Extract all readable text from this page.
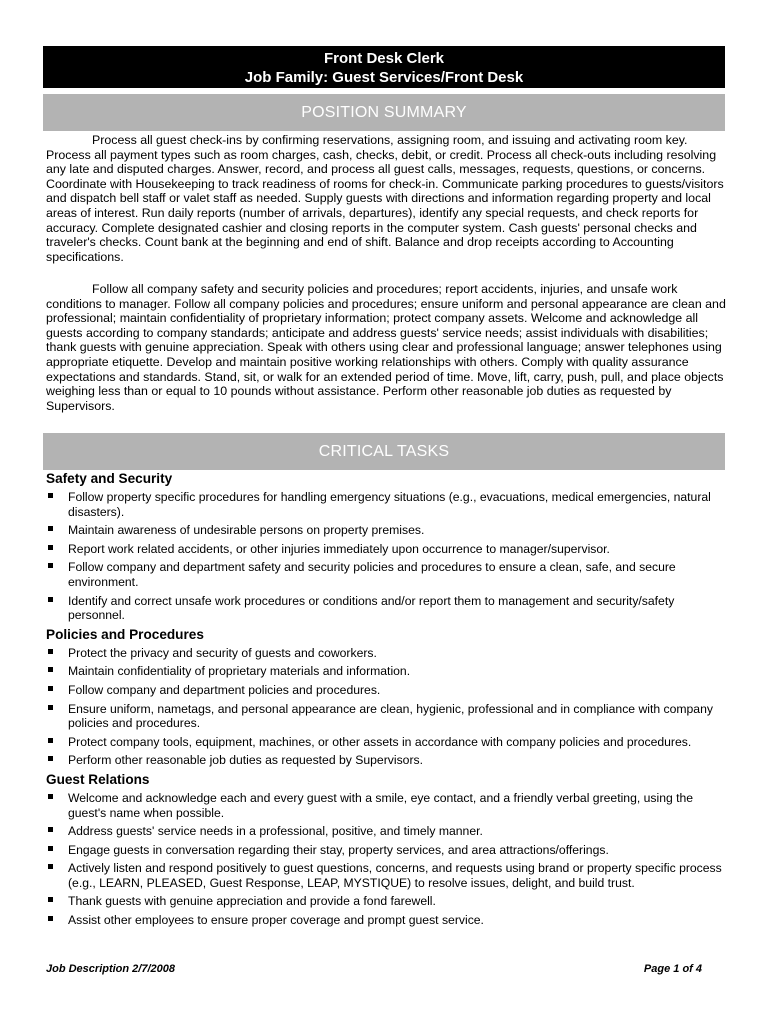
Front Desk Clerk
Job Family: Guest Services/Front Desk
POSITION SUMMARY

Process all guest check-ins by confirming reservations, assigning room, and issuing and activating room key. Process all payment types such as room charges, cash, checks, debit, or credit. Process all check-outs including resolving any late and disputed charges. Answer, record, and process all guest calls, messages, requests, questions, or concerns. Coordinate with Housekeeping to track readiness of rooms for check-in. Communicate parking procedures to guests/visitors and dispatch bell staff or valet staff as needed. Supply guests with directions and information regarding property and local areas of interest. Run daily reports (number of arrivals, departures), identify any special requests, and check reports for accuracy. Complete designated cashier and closing reports in the computer system. Cash guests' personal checks and traveler's checks. Count bank at the beginning and end of shift. Balance and drop receipts according to Accounting specifications.

Follow all company safety and security policies and procedures; report accidents, injuries, and unsafe work conditions to manager. Follow all company policies and procedures; ensure uniform and personal appearance are clean and professional; maintain confidentiality of proprietary information; protect company assets. Welcome and acknowledge all guests according to company standards; anticipate and address guests' service needs; assist individuals with disabilities; thank guests with genuine appreciation. Speak with others using clear and professional language; answer telephones using appropriate etiquette. Develop and maintain positive working relationships with others. Comply with quality assurance expectations and standards. Stand, sit, or walk for an extended period of time. Move, lift, carry, push, pull, and place objects weighing less than or equal to 10 pounds without assistance. Perform other reasonable job duties as requested by Supervisors.

CRITICAL TASKS
Safety and Security
Follow property specific procedures for handling emergency situations (e.g., evacuations, medical emergencies, natural disasters).
Maintain awareness of undesirable persons on property premises.
Report work related accidents, or other injuries immediately upon occurrence to manager/supervisor.
Follow company and department safety and security policies and procedures to ensure a clean, safe, and secure environment.
Identify and correct unsafe work procedures or conditions and/or report them to management and security/safety personnel.
Policies and Procedures
Protect the privacy and security of guests and coworkers.
Maintain confidentiality of proprietary materials and information.
Follow company and department policies and procedures.
Ensure uniform, nametags, and personal appearance are clean, hygienic, professional and in compliance with company policies and procedures.
Protect company tools, equipment, machines, or other assets in accordance with company policies and procedures.
Perform other reasonable job duties as requested by Supervisors.
Guest Relations
Welcome and acknowledge each and every guest with a smile, eye contact, and a friendly verbal greeting, using the guest's name when possible.
Address guests' service needs in a professional, positive, and timely manner.
Engage guests in conversation regarding their stay, property services, and area attractions/offerings.
Actively listen and respond positively to guest questions, concerns, and requests using brand or property specific process (e.g., LEARN, PLEASED, Guest Response, LEAP, MYSTIQUE) to resolve issues, delight, and build trust.
Thank guests with genuine appreciation and provide a fond farewell.
Assist other employees to ensure proper coverage and prompt guest service.
Job Description 2/7/2008	Page 1 of 4
